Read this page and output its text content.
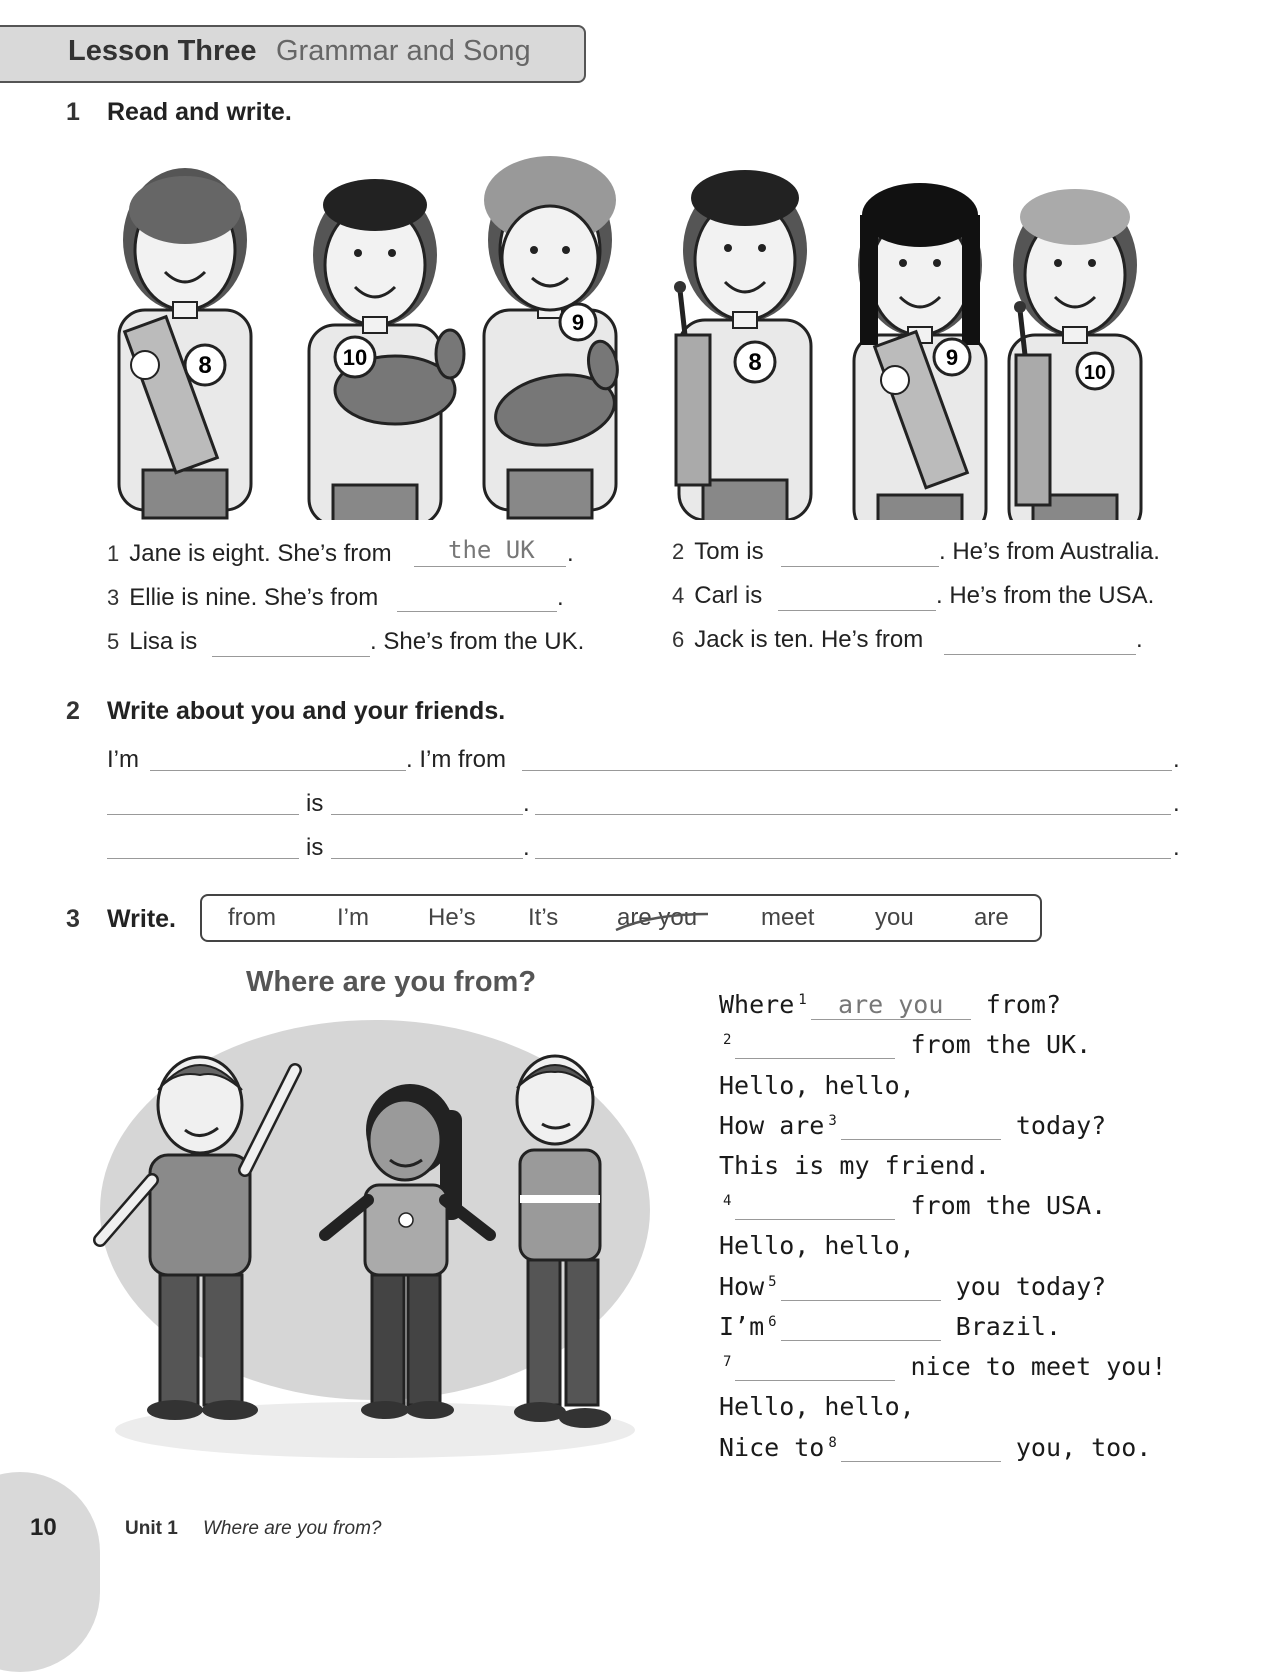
Lesson Three Grammar and Song
1 Read and write.
8	10
9
8	9
10
1 Jane is eight. She’s from the UK .	2 Tom is	. He’s from Australia.
3 Ellie is nine. She’s from	.	4 Carl is	. He’s from the USA.
5 Lisa is	. She’s from the UK.	6 Jack is ten. He’s from	.
2 Write about you and your friends.
I’m	. I’m from	.
is	.	.
is	.	.
3 Write. from	I’m He’s It’s are you	meet	you	are
Where are you from?
Where $^1$ are you from?
$^2$	from the UK.
Hello, hello,
How are $^3$	today?
This is my friend.
$^4$	from the USA.
Hello, hello,
How $^5$	you today?
I’m $^6$	Brazil.
$^7$	nice to meet you!
Hello, hello,
Nice to $^8$	you, too.
10	Unit 1 Where are you from?
